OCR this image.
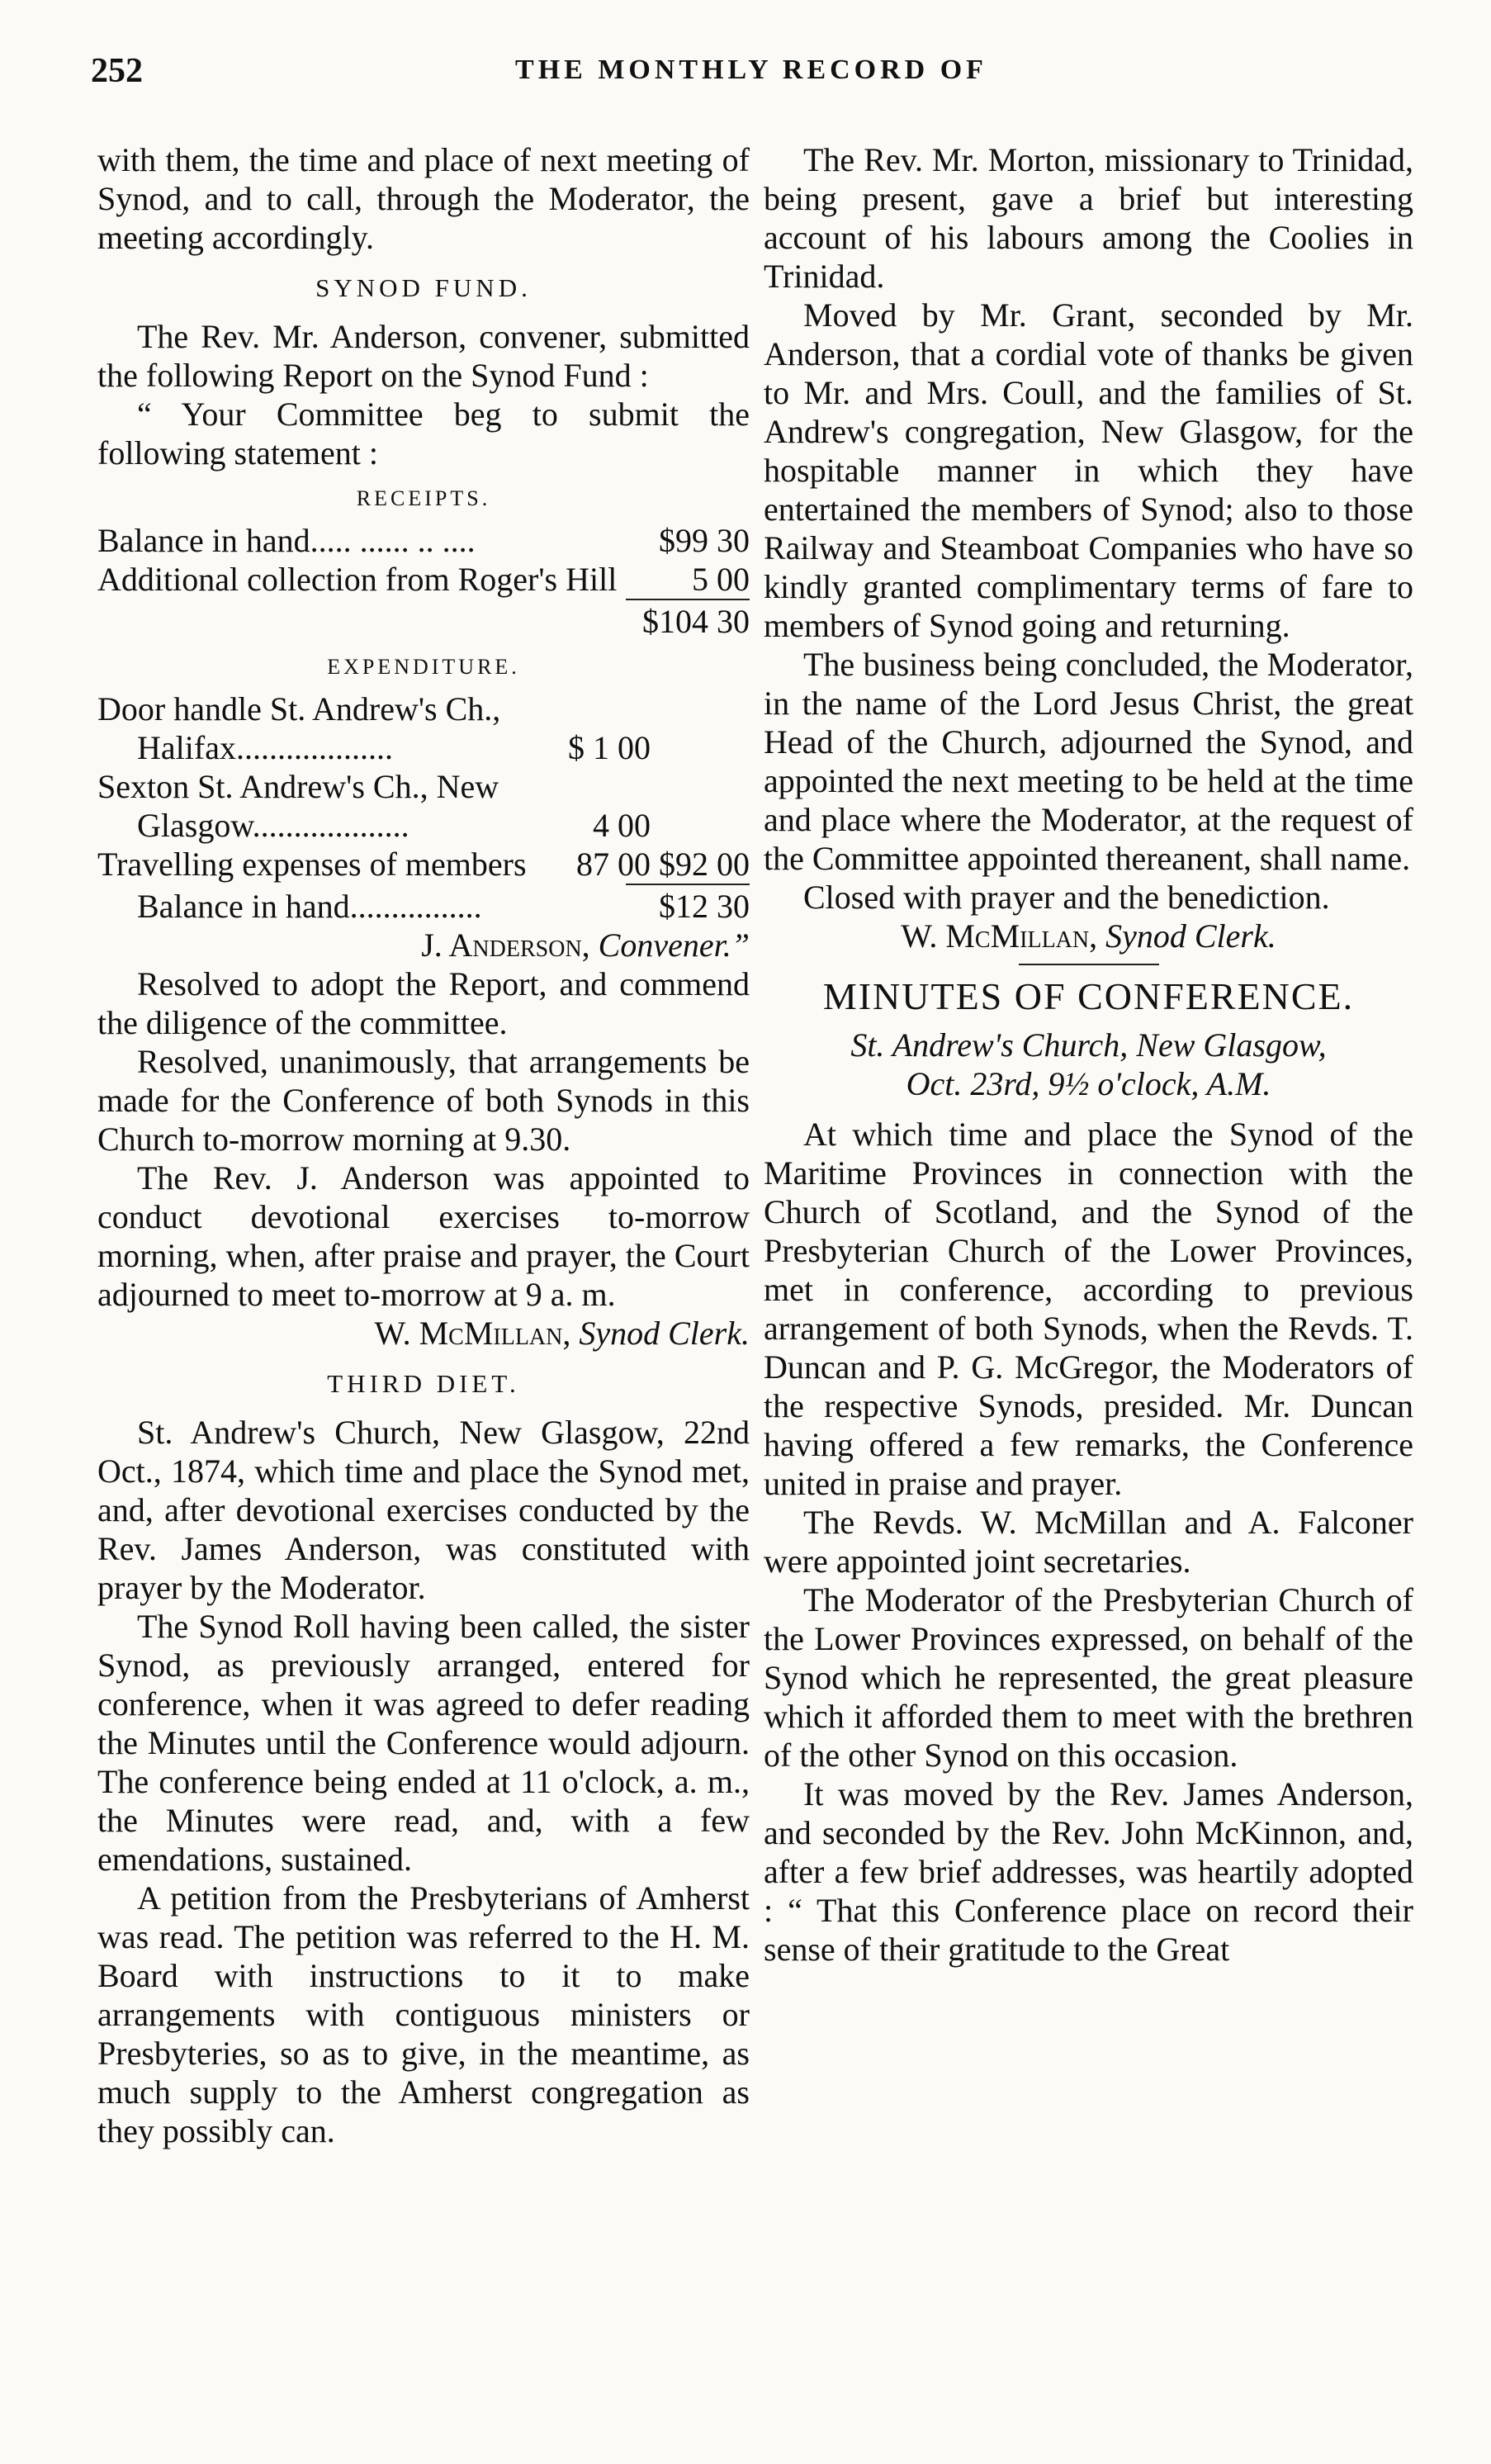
252	THE MONTHLY RECORD OF

with them, the time and place of next meeting of Synod, and to call, through the Moderator, the meeting accordingly.

SYNOD FUND.

The Rev. Mr. Anderson, convener, submitted the following Report on the Synod Fund :

“ Your Committee beg to submit the following statement :

RECEIPTS.
Balance in hand..... ...... .. ....	$99 30
Additional collection from Roger's Hill	5 00
$104 30
EXPENDITURE.
Door handle St. Andrew's Ch.,
Halifax...................	$ 1 00
Sexton St. Andrew's Ch., New
Glasgow...................	4 00
Travelling expenses of members	87 00 $92 00
Balance in hand................	$12 30
J. Anderson, Convener.”

Resolved to adopt the Report, and commend the diligence of the committee.

Resolved, unanimously, that arrangements be made for the Conference of both Synods in this Church to-morrow morning at 9.30.

The Rev. J. Anderson was appointed to conduct devotional exercises to-morrow morning, when, after praise and prayer, the Court adjourned to meet to-morrow at 9 a. m.

W. McMillan, Synod Clerk.
THIRD DIET.

St. Andrew's Church, New Glasgow, 22nd Oct., 1874, which time and place the Synod met, and, after devotional exercises conducted by the Rev. James Anderson, was constituted with prayer by the Moderator.

The Synod Roll having been called, the sister Synod, as previously arranged, entered for conference, when it was agreed to defer reading the Minutes until the Conference would adjourn. The conference being ended at 11 o'clock, a. m., the Minutes were read, and, with a few emendations, sustained.

A petition from the Presbyterians of Amherst was read. The petition was referred to the H. M. Board with instructions to it to make arrangements with contiguous ministers or Presbyteries, so as to give, in the meantime, as much supply to the Amherst congregation as they possibly can.

The Rev. Mr. Morton, missionary to Trinidad, being present, gave a brief but interesting account of his labours among the Coolies in Trinidad.

Moved by Mr. Grant, seconded by Mr. Anderson, that a cordial vote of thanks be given to Mr. and Mrs. Coull, and the families of St. Andrew's congregation, New Glasgow, for the hospitable manner in which they have entertained the members of Synod; also to those Railway and Steamboat Companies who have so kindly granted complimentary terms of fare to members of Synod going and returning.

The business being concluded, the Moderator, in the name of the Lord Jesus Christ, the great Head of the Church, adjourned the Synod, and appointed the next meeting to be held at the time and place where the Moderator, at the request of the Committee appointed thereanent, shall name.

Closed with prayer and the benediction.

W. McMillan, Synod Clerk.
MINUTES OF CONFERENCE.
St. Andrew's Church, New Glasgow,
Oct. 23rd, 9½ o'clock, A.M.

At which time and place the Synod of the Maritime Provinces in connection with the Church of Scotland, and the Synod of the Presbyterian Church of the Lower Provinces, met in conference, according to previous arrangement of both Synods, when the Revds. T. Duncan and P. G. McGregor, the Moderators of the respective Synods, presided. Mr. Duncan having offered a few remarks, the Conference united in praise and prayer.

The Revds. W. McMillan and A. Falconer were appointed joint secretaries.

The Moderator of the Presbyterian Church of the Lower Provinces expressed, on behalf of the Synod which he represented, the great pleasure which it afforded them to meet with the brethren of the other Synod on this occasion.

It was moved by the Rev. James Anderson, and seconded by the Rev. John McKinnon, and, after a few brief addresses, was heartily adopted : “ That this Conference place on record their sense of their gratitude to the Great
